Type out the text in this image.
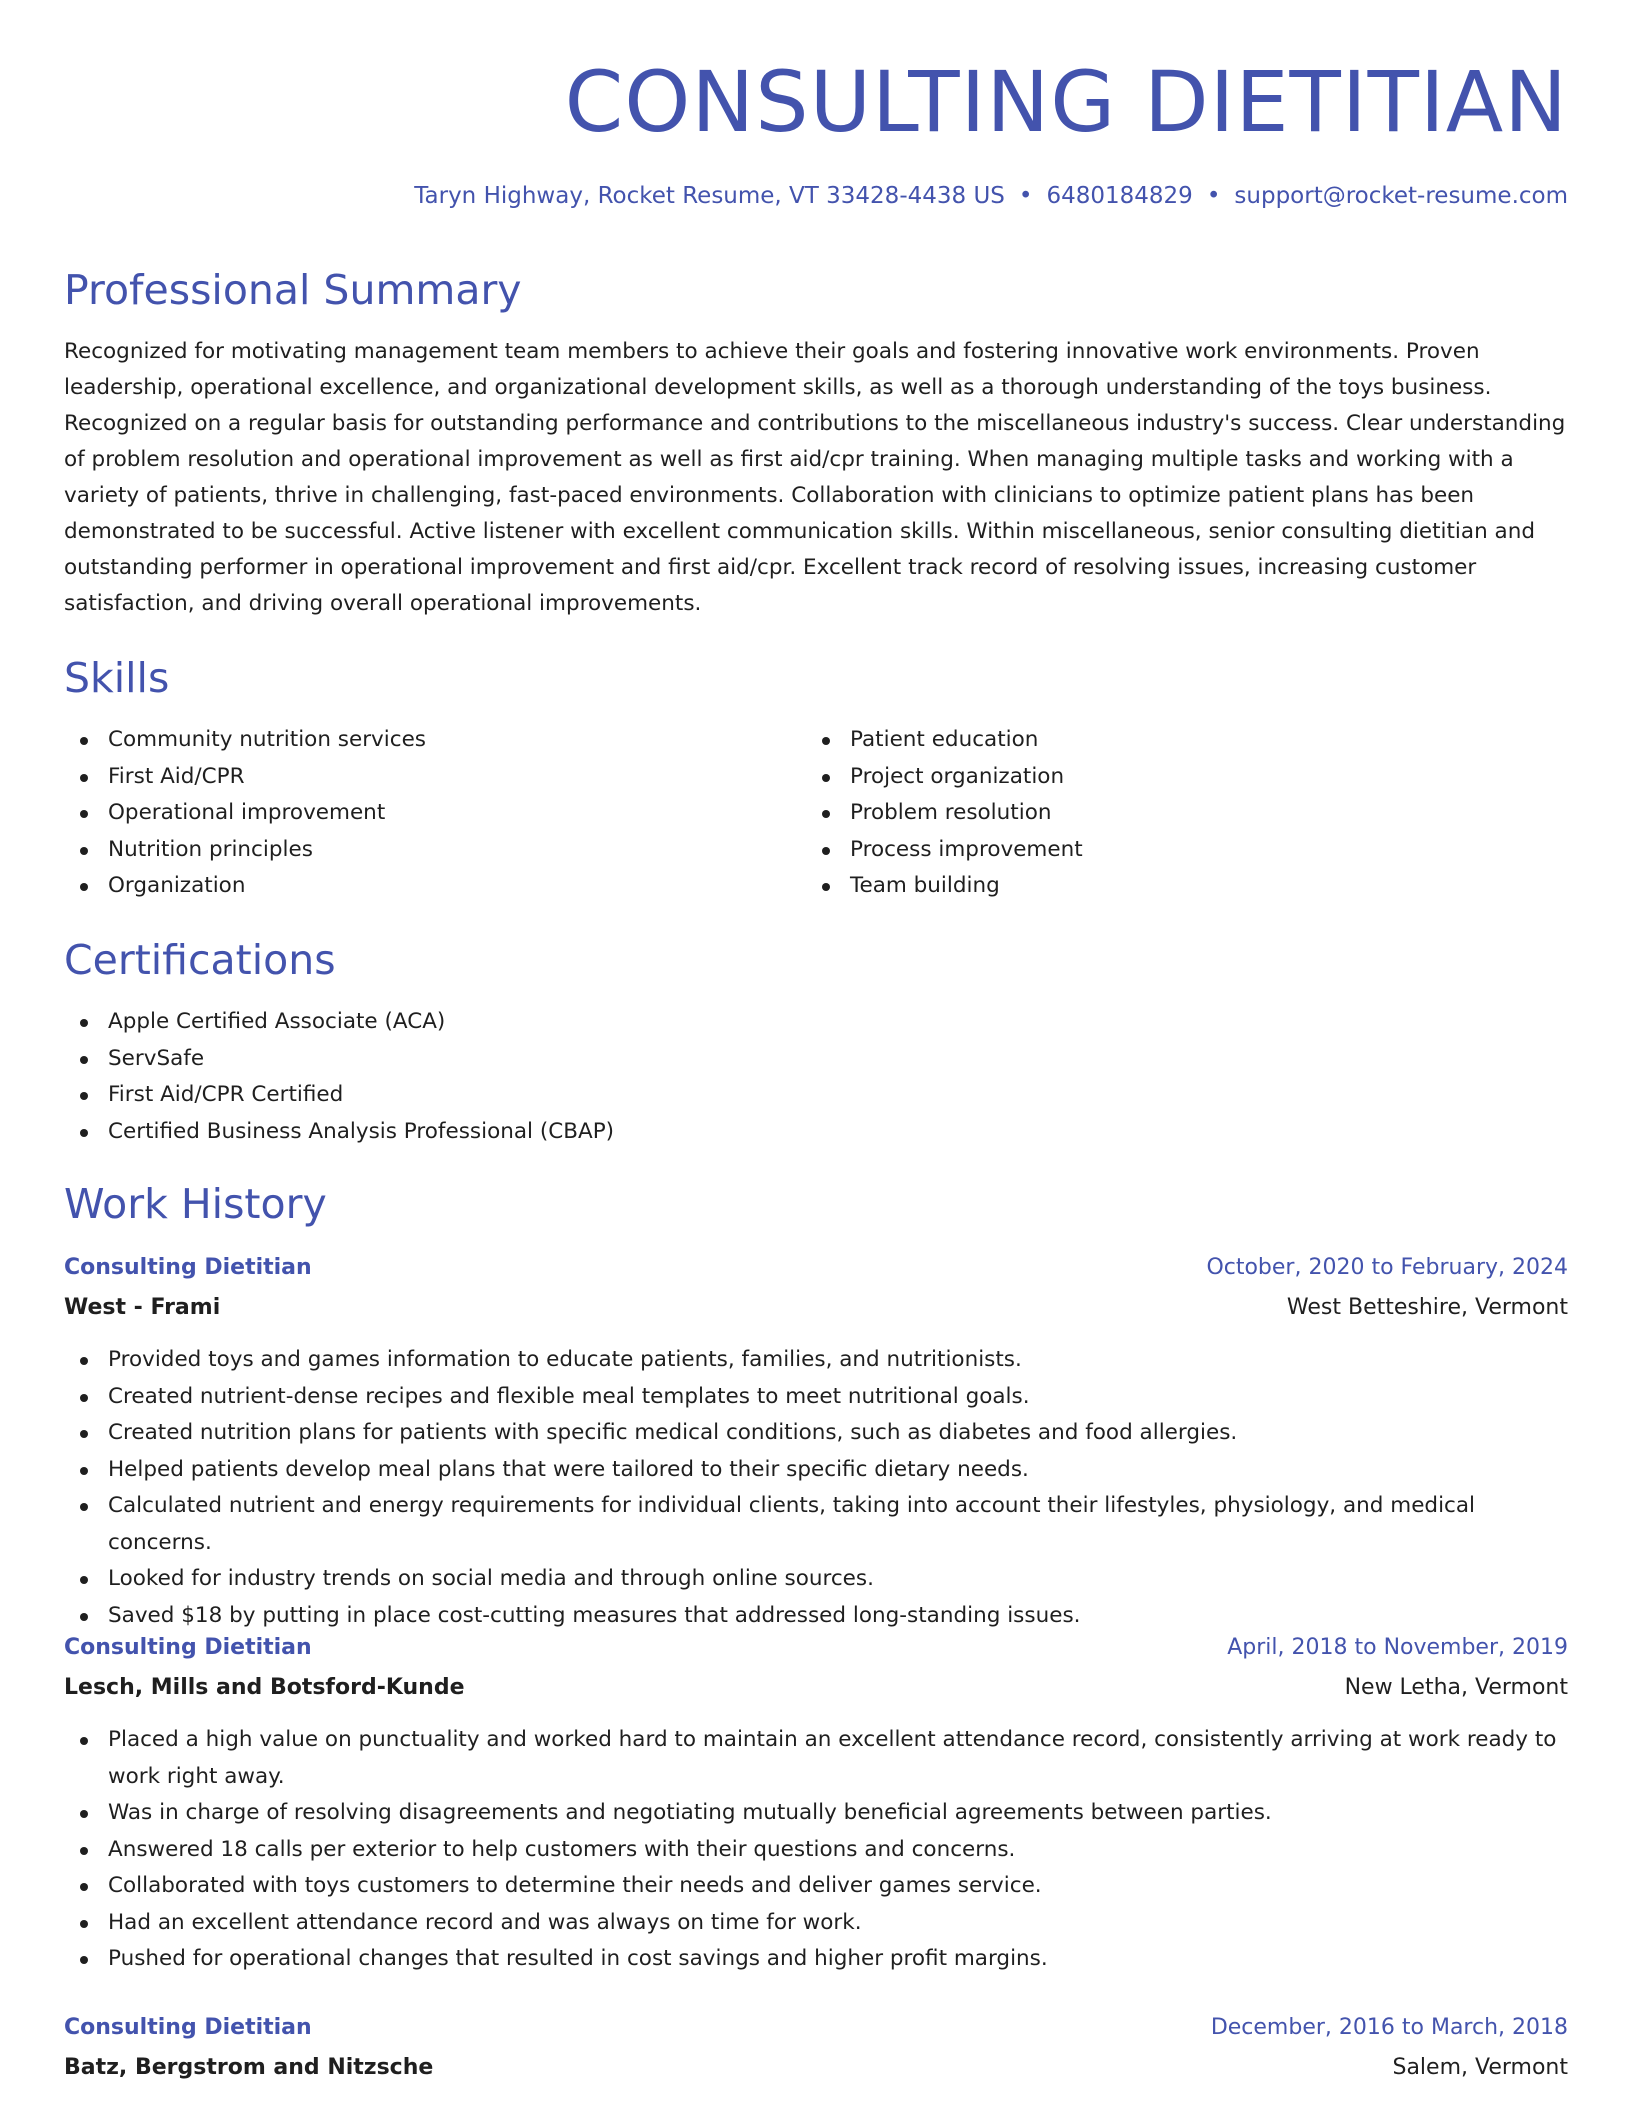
CONSULTING DIETITIAN
Taryn Highway, Rocket Resume, VT 33428-4438 US • 6480184829 • support@rocket-resume.com
Professional Summary

Recognized for motivating management team members to achieve their goals and fostering innovative work environments. Proven leadership, operational excellence, and organizational development skills, as well as a thorough understanding of the toys business. Recognized on a regular basis for outstanding performance and contributions to the miscellaneous industry's success. Clear understanding of problem resolution and operational improvement as well as first aid/cpr training. When managing multiple tasks and working with a variety of patients, thrive in challenging, fast-paced environments. Collaboration with clinicians to optimize patient plans has been demonstrated to be successful. Active listener with excellent communication skills. Within miscellaneous, senior consulting dietitian and outstanding performer in operational improvement and first aid/cpr. Excellent track record of resolving issues, increasing customer satisfaction, and driving overall operational improvements.

Skills
Community nutrition services
First Aid/CPR
Operational improvement
Nutrition principles
Organization
Patient education
Project organization
Problem resolution
Process improvement
Team building
Certifications
Apple Certified Associate (ACA)
ServSafe
First Aid/CPR Certified
Certified Business Analysis Professional (CBAP)
Work History
Consulting Dietitian	October, 2020 to February, 2024
West - Frami	West Betteshire, Vermont
Provided toys and games information to educate patients, families, and nutritionists.
Created nutrient-dense recipes and flexible meal templates to meet nutritional goals.
Created nutrition plans for patients with specific medical conditions, such as diabetes and food allergies.
Helped patients develop meal plans that were tailored to their specific dietary needs.
Calculated nutrient and energy requirements for individual clients, taking into account their lifestyles, physiology, and medical concerns.
Looked for industry trends on social media and through online sources.
Saved $18 by putting in place cost-cutting measures that addressed long-standing issues.
Consulting Dietitian	April, 2018 to November, 2019
Lesch, Mills and Botsford-Kunde	New Letha, Vermont
Placed a high value on punctuality and worked hard to maintain an excellent attendance record, consistently arriving at work ready to work right away.
Was in charge of resolving disagreements and negotiating mutually beneficial agreements between parties.
Answered 18 calls per exterior to help customers with their questions and concerns.
Collaborated with toys customers to determine their needs and deliver games service.
Had an excellent attendance record and was always on time for work.
Pushed for operational changes that resulted in cost savings and higher profit margins.
Consulting Dietitian	December, 2016 to March, 2018
Batz, Bergstrom and Nitzsche	Salem, Vermont
